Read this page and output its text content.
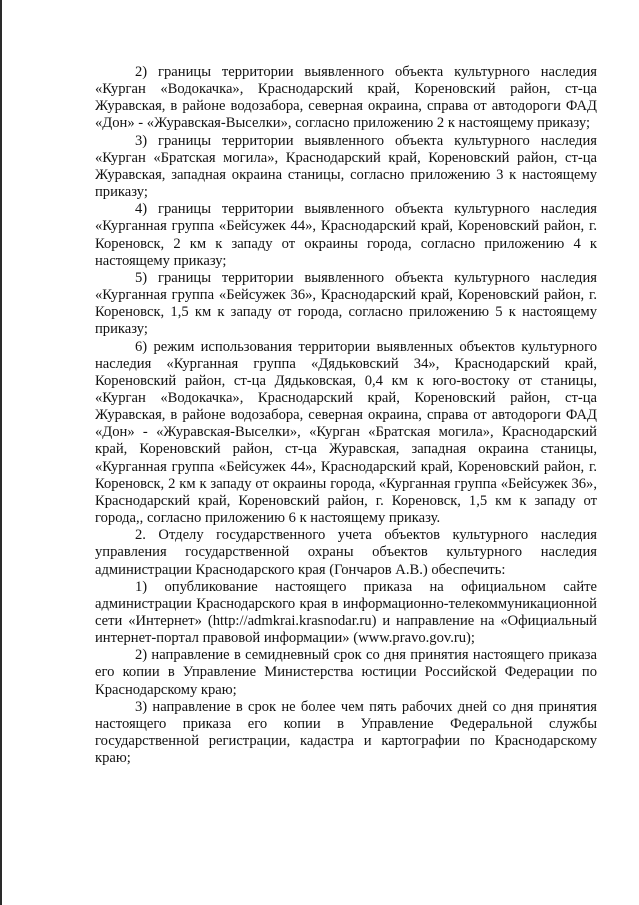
2) границы территории выявленного объекта культурного наследия «Курган «Водокачка», Краснодарский край, Кореновский район, ст-ца Журавская, в районе водозабора, северная окраина, справа от автодороги ФАД «Дон» - «Журавская-Выселки», согласно приложению 2 к настоящему приказу;

3) границы территории выявленного объекта культурного наследия «Курган «Братская могила», Краснодарский край, Кореновский район, ст-ца Журавская, западная окраина станицы, согласно приложению 3 к настоящему приказу;

4) границы территории выявленного объекта культурного наследия «Курганная группа «Бейсужек 44», Краснодарский край, Кореновский район, г. Кореновск, 2 км к западу от окраины города, согласно приложению 4 к настоящему приказу;

5) границы территории выявленного объекта культурного наследия «Курганная группа «Бейсужек 36», Краснодарский край, Кореновский район, г. Кореновск, 1,5 км к западу от города, согласно приложению 5 к настоящему приказу;

6) режим использования территории выявленных объектов культурного наследия «Курганная группа «Дядьковский 34», Краснодарский край, Кореновский район, ст-ца Дядьковская, 0,4 км к юго-востоку от станицы, «Курган «Водокачка», Краснодарский край, Кореновский район, ст-ца Журавская, в районе водозабора, северная окраина, справа от автодороги ФАД «Дон» - «Журавская-Выселки», «Курган «Братская могила», Краснодарский край, Кореновский район, ст-ца Журавская, западная окраина станицы, «Курганная группа «Бейсужек 44», Краснодарский край, Кореновский район, г. Кореновск, 2 км к западу от окраины города, «Курганная группа «Бейсужек 36», Краснодарский край, Кореновский район, г. Кореновск, 1,5 км к западу от города,, согласно приложению 6 к настоящему приказу.

2. Отделу государственного учета объектов культурного наследия управления государственной охраны объектов культурного наследия администрации Краснодарского края (Гончаров А.В.) обеспечить:

1) опубликование настоящего приказа на официальном сайте администрации Краснодарского края в информационно-телекоммуникационной сети «Интернет» (http://admkrai.krasnodar.ru) и направление на «Официальный интернет-портал правовой информации» (www.pravo.gov.ru);

2) направление в семидневный срок со дня принятия настоящего приказа его копии в Управление Министерства юстиции Российской Федерации по Краснодарскому краю;

3) направление в срок не более чем пять рабочих дней со дня принятия настоящего приказа его копии в Управление Федеральной службы государственной регистрации, кадастра и картографии по Краснодарскому краю;
